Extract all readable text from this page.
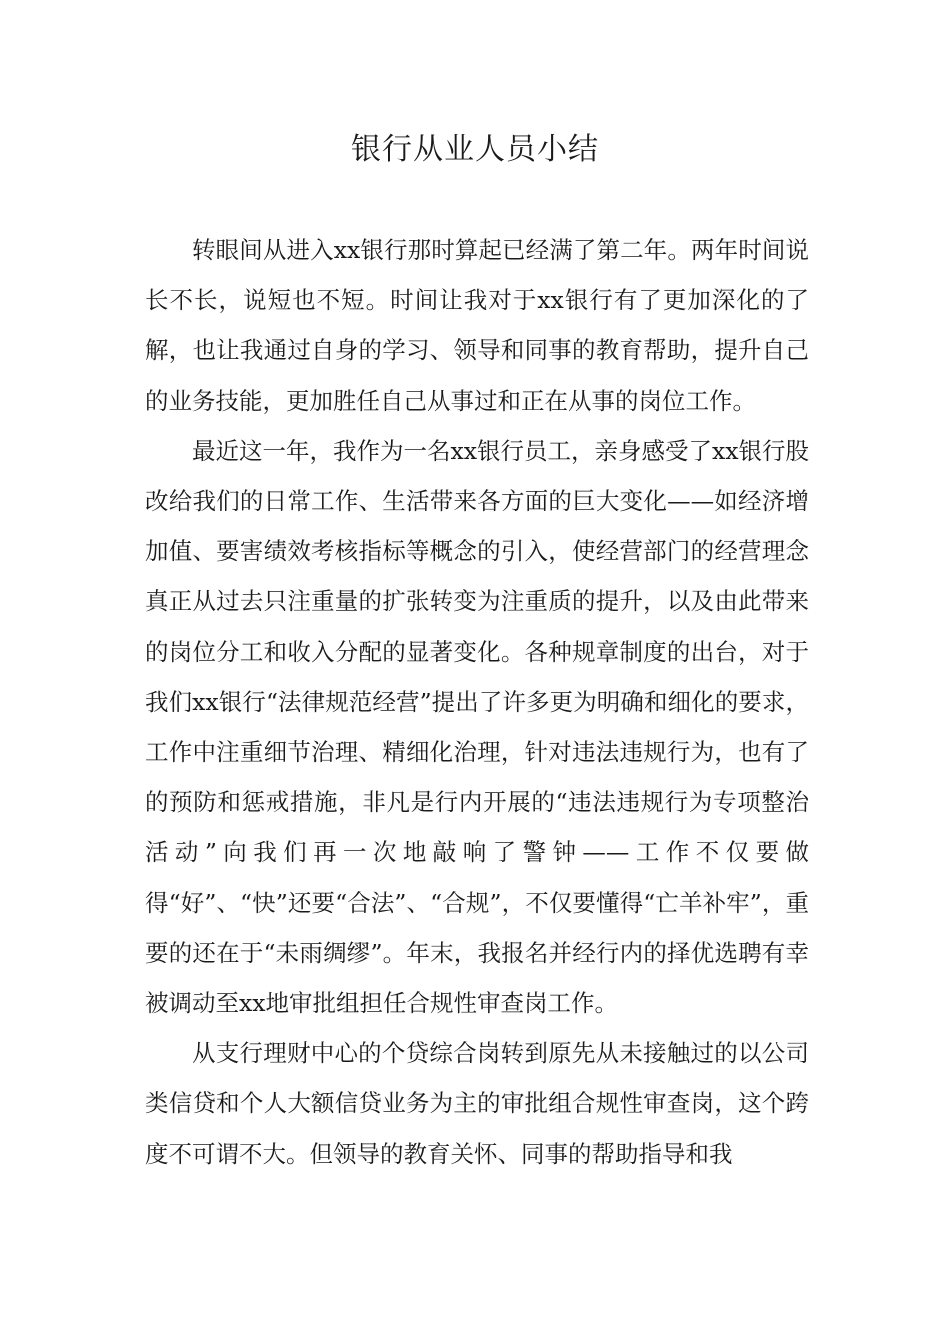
银行从业人员小结

转眼间从进入xx银行那时算起已经满了第二年。两年时间说长不长，说短也不短。时间让我对于xx银行有了更加深化的了解，也让我通过自身的学习、领导和同事的教育帮助，提升自己的业务技能，更加胜任自己从事过和正在从事的岗位工作。

最近这一年，我作为一名xx银行员工，亲身感受了xx银行股改给我们的日常工作、生活带来各方面的巨大变化——如经济增加值、要害绩效考核指标等概念的引入，使经营部门的经营理念真正从过去只注重量的扩张转变为注重质的提升，以及由此带来的岗位分工和收入分配的显著变化。各种规章制度的出台，对于我们xx银行“法律规范经营”提出了许多更为明确和细化的要求，工作中注重细节治理、精细化治理，针对违法违规行为，也有了的预防和惩戒措施，非凡是行内开展的“违法违规行为专项整治活动”向我们再一次地敲响了警钟——工作不仅要做得“好”、“快”还要“合法”、“合规”，不仅要懂得“亡羊补牢”，重要的还在于“未雨绸缪”。年末，我报名并经行内的择优选聘有幸被调动至xx地审批组担任合规性审查岗工作。

从支行理财中心的个贷综合岗转到原先从未接触过的以公司类信贷和个人大额信贷业务为主的审批组合规性审查岗，这个跨度不可谓不大。但领导的教育关怀、同事的帮助指导和我
